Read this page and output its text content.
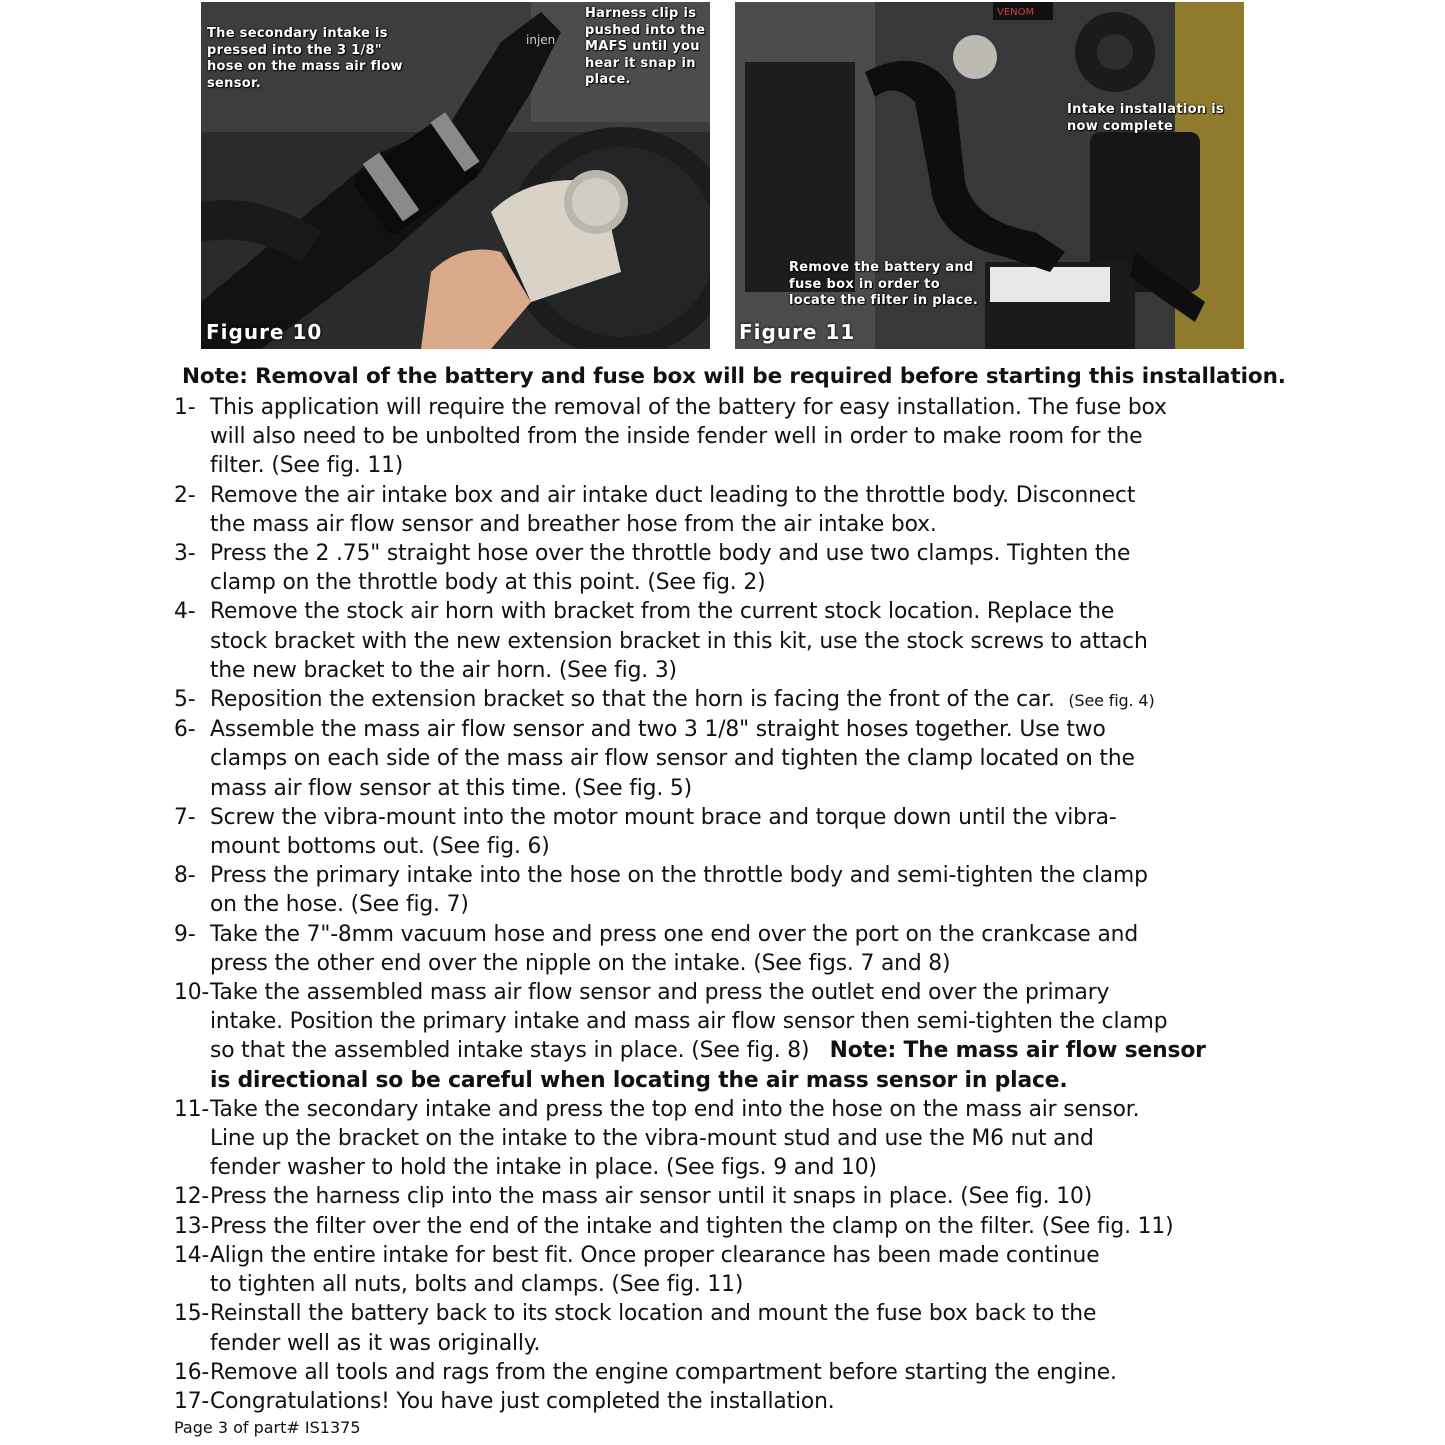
injen
The secondary intake is
pressed into the 3 1/8"
hose on the mass air flow
sensor.
Harness clip is
pushed into the
MAFS until you
hear it snap in
place.
Figure 10
VENOM
Intake installation is
now complete
Remove the battery and
fuse box in order to
locate the filter in place.
Figure 11
Note: Removal of the battery and fuse box will be required before starting this installation.
1- This application will require the removal of the battery for easy installation. The fuse box
will also need to be unbolted from the inside fender well in order to make room for the
filter. (See fig. 11)
2- Remove the air intake box and air intake duct leading to the throttle body. Disconnect
the mass air flow sensor and breather hose from the air intake box.
3- Press the 2 .75" straight hose over the throttle body and use two clamps. Tighten the
clamp on the throttle body at this point. (See fig. 2)
4- Remove the stock air horn with bracket from the current stock location. Replace the
stock bracket with the new extension bracket in this kit, use the stock screws to attach
the new bracket to the air horn. (See fig. 3)
5- Reposition the extension bracket so that the horn is facing the front of the car. (See fig. 4)
6- Assemble the mass air flow sensor and two 3 1/8" straight hoses together. Use two
clamps on each side of the mass air flow sensor and tighten the clamp located on the
mass air flow sensor at this time. (See fig. 5)
7- Screw the vibra-mount into the motor mount brace and torque down until the vibra-
mount bottoms out. (See fig. 6)
8- Press the primary intake into the hose on the throttle body and semi-tighten the clamp
on the hose. (See fig. 7)
9- Take the 7"-8mm vacuum hose and press one end over the port on the crankcase and
press the other end over the nipple on the intake. (See figs. 7 and 8)
10- Take the assembled mass air flow sensor and press the outlet end over the primary
intake. Position the primary intake and mass air flow sensor then semi-tighten the clamp
so that the assembled intake stays in place. (See fig. 8) Note: The mass air flow sensor
is directional so be careful when locating the air mass sensor in place.
11- Take the secondary intake and press the top end into the hose on the mass air sensor.
Line up the bracket on the intake to the vibra-mount stud and use the M6 nut and
fender washer to hold the intake in place. (See figs. 9 and 10)
12- Press the harness clip into the mass air sensor until it snaps in place. (See fig. 10)
13- Press the filter over the end of the intake and tighten the clamp on the filter. (See fig. 11)
14- Align the entire intake for best fit. Once proper clearance has been made continue
to tighten all nuts, bolts and clamps. (See fig. 11)
15- Reinstall the battery back to its stock location and mount the fuse box back to the
fender well as it was originally.
16- Remove all tools and rags from the engine compartment before starting the engine.
17- Congratulations! You have just completed the installation.
Page 3 of part# IS1375
